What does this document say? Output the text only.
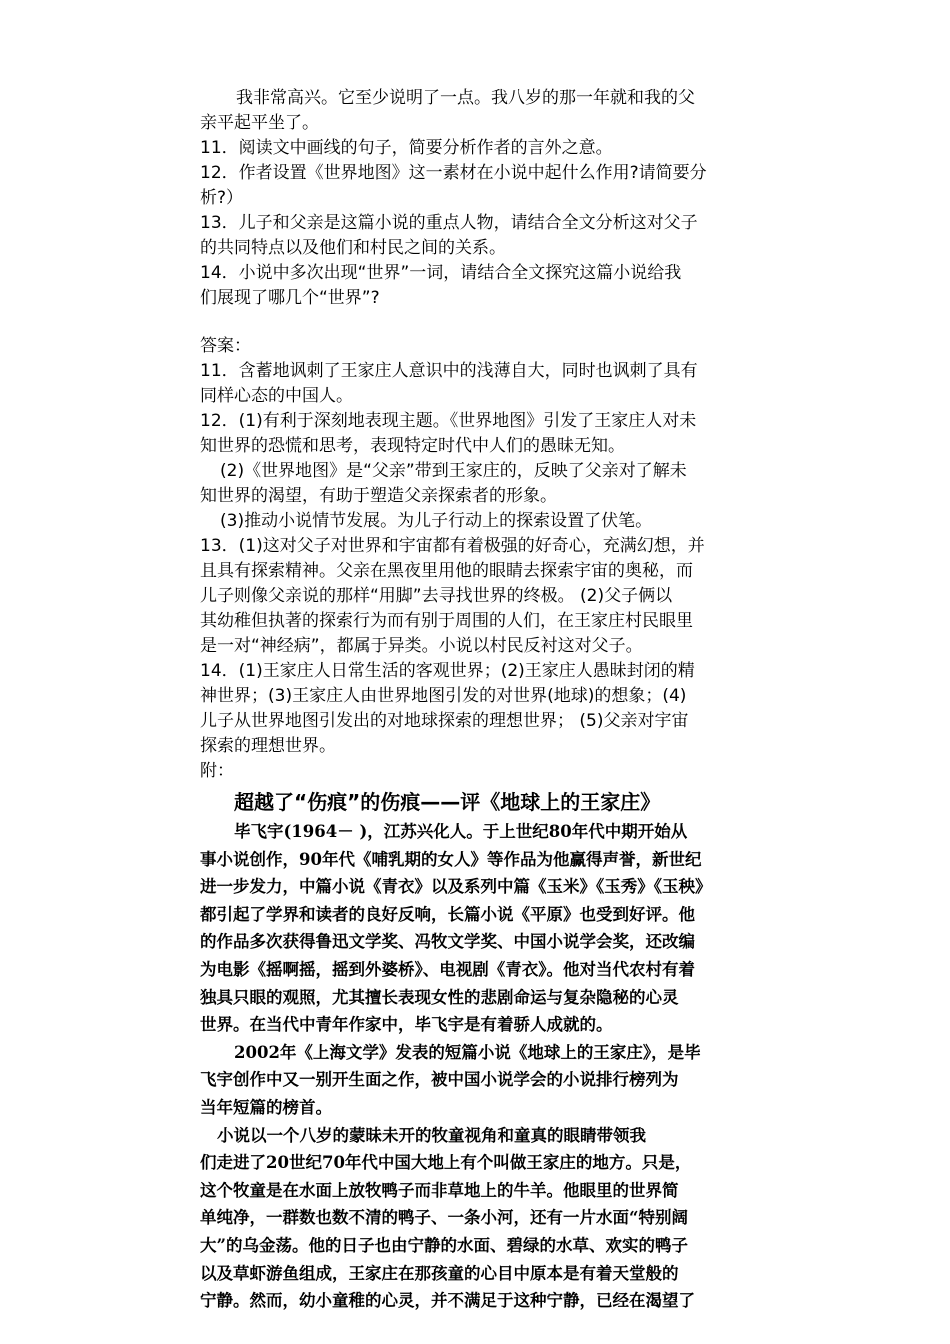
我非常高兴。它至少说明了一点。我八岁的那一年就和我的父
亲平起平坐了。
11．阅读文中画线的句子，简要分析作者的言外之意。
12．作者设置《世界地图》这一素材在小说中起什么作用?请简要分
析?）
13．儿子和父亲是这篇小说的重点人物，请结合全文分析这对父子
的共同特点以及他们和村民之间的关系。
14．小说中多次出现“世界”一词，请结合全文探究这篇小说给我
们展现了哪几个“世界”?
答案：
11．含蓄地讽刺了王家庄人意识中的浅薄自大，同时也讽刺了具有
同样心态的中国人。
12．(1)有利于深刻地表现主题。《世界地图》引发了王家庄人对未
知世界的恐慌和思考，表现特定时代中人们的愚昧无知。
(2)《世界地图》是“父亲”带到王家庄的，反映了父亲对了解未
知世界的渴望，有助于塑造父亲探索者的形象。
(3)推动小说情节发展。为儿子行动上的探索设置了伏笔。
13．(1)这对父子对世界和宇宙都有着极强的好奇心，充满幻想，并
且具有探索精神。父亲在黑夜里用他的眼睛去探索宇宙的奥秘，而
儿子则像父亲说的那样“用脚”去寻找世界的终极。 (2)父子俩以
其幼稚但执著的探索行为而有别于周围的人们，在王家庄村民眼里
是一对“神经病”，都属于异类。小说以村民反衬这对父子。
14．(1)王家庄人日常生活的客观世界；(2)王家庄人愚昧封闭的精
神世界；(3)王家庄人由世界地图引发的对世界(地球)的想象；(4)
儿子从世界地图引发出的对地球探索的理想世界； (5)父亲对宇宙
探索的理想世界。
附：
超越了“伤痕”的伤痕——评《地球上的王家庄》
毕飞宇(1964－ )，江苏兴化人。于上世纪80年代中期开始从
事小说创作，90年代《哺乳期的女人》等作品为他赢得声誉，新世纪
进一步发力，中篇小说《青衣》以及系列中篇《玉米》《玉秀》《玉秧》
都引起了学界和读者的良好反响，长篇小说《平原》也受到好评。他
的作品多次获得鲁迅文学奖、冯牧文学奖、中国小说学会奖，还改编
为电影《摇啊摇，摇到外婆桥》、电视剧《青衣》。他对当代农村有着
独具只眼的观照，尤其擅长表现女性的悲剧命运与复杂隐秘的心灵
世界。在当代中青年作家中，毕飞宇是有着骄人成就的。
2002年《上海文学》发表的短篇小说《地球上的王家庄》，是毕
飞宇创作中又一别开生面之作，被中国小说学会的小说排行榜列为
当年短篇的榜首。
小说以一个八岁的蒙昧未开的牧童视角和童真的眼睛带领我
们走进了20世纪70年代中国大地上有个叫做王家庄的地方。只是，
这个牧童是在水面上放牧鸭子而非草地上的牛羊。他眼里的世界简
单纯净，一群数也数不清的鸭子、一条小河，还有一片水面“特别阔
大”的乌金荡。他的日子也由宁静的水面、碧绿的水草、欢实的鸭子
以及草虾游鱼组成，王家庄在那孩童的心目中原本是有着天堂般的
宁静。然而，幼小童稚的心灵，并不满足于这种宁静，已经在渴望了
